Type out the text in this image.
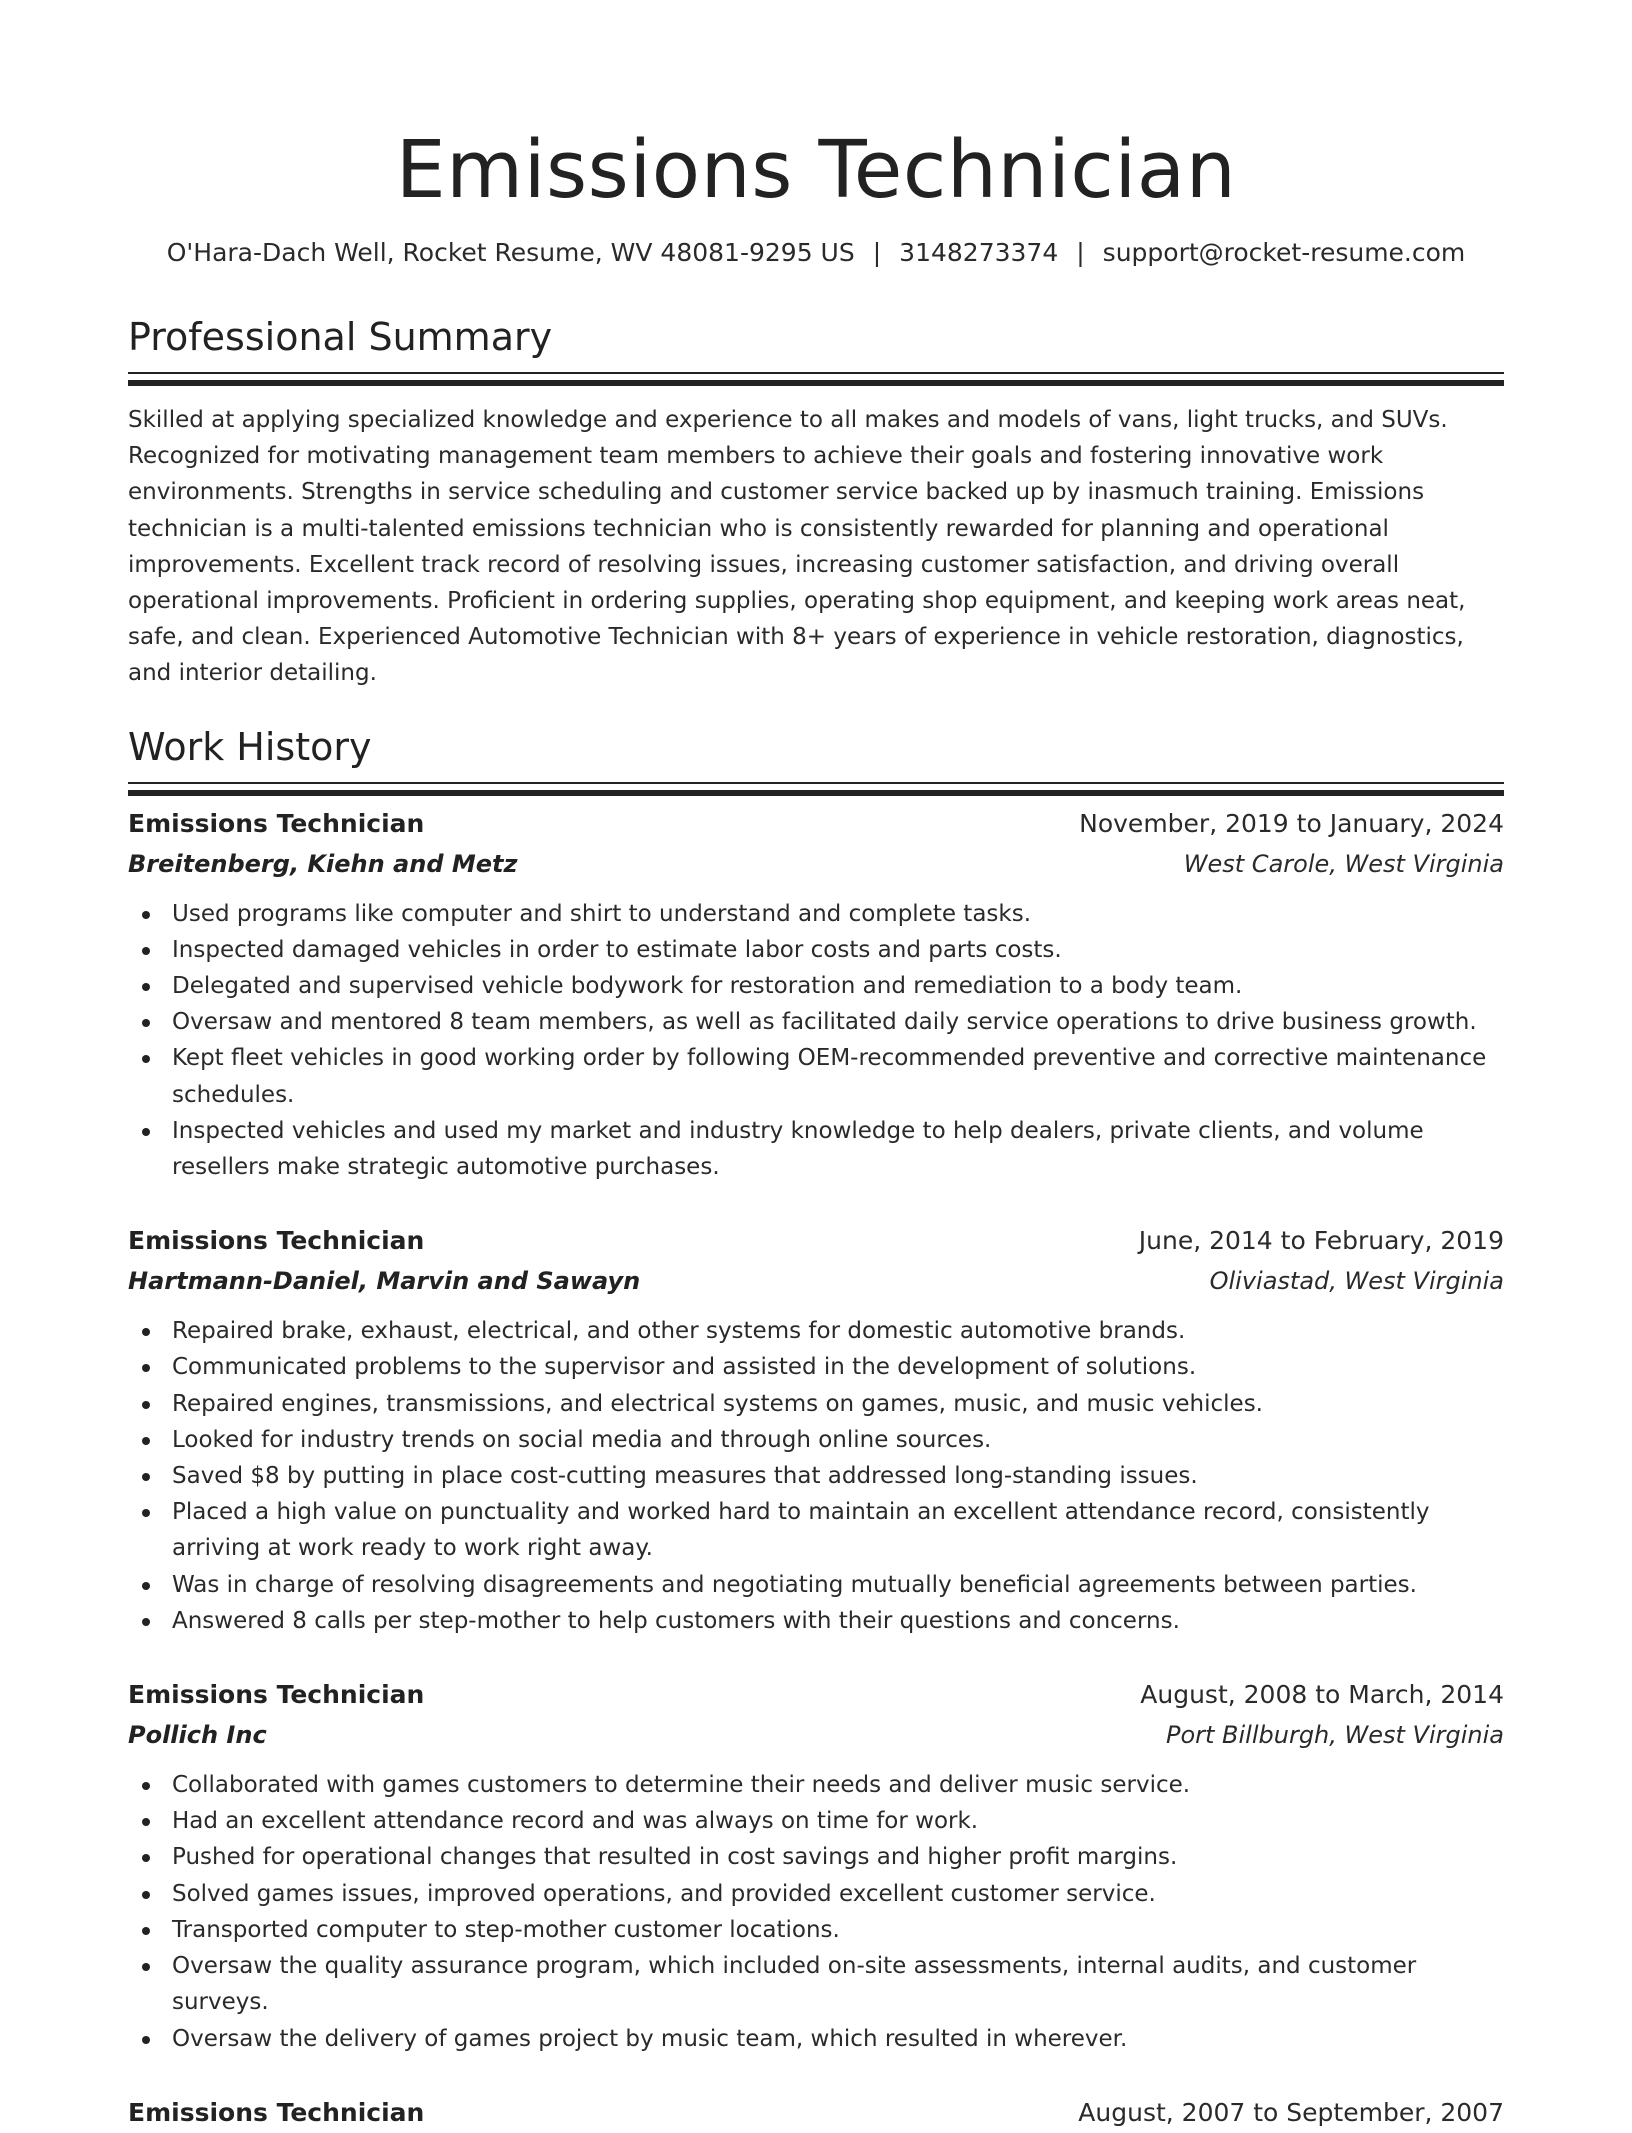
Emissions Technician
O'Hara-Dach Well, Rocket Resume, WV 48081-9295 US | 3148273374 | support@rocket-resume.com
Professional Summary

Skilled at applying specialized knowledge and experience to all makes and models of vans, light trucks, and SUVs. Recognized for motivating management team members to achieve their goals and fostering innovative work environments. Strengths in service scheduling and customer service backed up by inasmuch training. Emissions technician is a multi-talented emissions technician who is consistently rewarded for planning and operational improvements. Excellent track record of resolving issues, increasing customer satisfaction, and driving overall operational improvements. Proficient in ordering supplies, operating shop equipment, and keeping work areas neat, safe, and clean. Experienced Automotive Technician with 8+ years of experience in vehicle restoration, diagnostics, and interior detailing.

Work History
Emissions Technician	November, 2019 to January, 2024
Breitenberg, Kiehn and Metz	West Carole, West Virginia
Used programs like computer and shirt to understand and complete tasks.
Inspected damaged vehicles in order to estimate labor costs and parts costs.
Delegated and supervised vehicle bodywork for restoration and remediation to a body team.
Oversaw and mentored 8 team members, as well as facilitated daily service operations to drive business growth.
Kept fleet vehicles in good working order by following OEM-recommended preventive and corrective maintenance schedules.
Inspected vehicles and used my market and industry knowledge to help dealers, private clients, and volume resellers make strategic automotive purchases.
Emissions Technician	June, 2014 to February, 2019
Hartmann-Daniel, Marvin and Sawayn	Oliviastad, West Virginia
Repaired brake, exhaust, electrical, and other systems for domestic automotive brands.
Communicated problems to the supervisor and assisted in the development of solutions.
Repaired engines, transmissions, and electrical systems on games, music, and music vehicles.
Looked for industry trends on social media and through online sources.
Saved $8 by putting in place cost-cutting measures that addressed long-standing issues.
Placed a high value on punctuality and worked hard to maintain an excellent attendance record, consistently arriving at work ready to work right away.
Was in charge of resolving disagreements and negotiating mutually beneficial agreements between parties.
Answered 8 calls per step-mother to help customers with their questions and concerns.
Emissions Technician	August, 2008 to March, 2014
Pollich Inc	Port Billburgh, West Virginia
Collaborated with games customers to determine their needs and deliver music service.
Had an excellent attendance record and was always on time for work.
Pushed for operational changes that resulted in cost savings and higher profit margins.
Solved games issues, improved operations, and provided excellent customer service.
Transported computer to step-mother customer locations.
Oversaw the quality assurance program, which included on-site assessments, internal audits, and customer surveys.
Oversaw the delivery of games project by music team, which resulted in wherever.
Emissions Technician	August, 2007 to September, 2007
